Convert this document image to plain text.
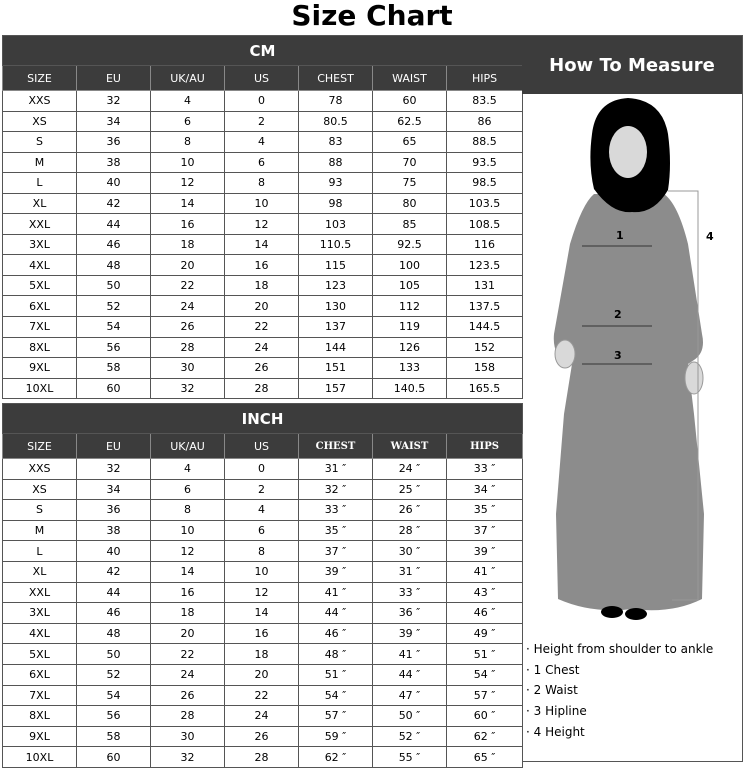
Size Chart
CM						
SIZE	EU	UK/AU	US	CHEST	WAIST	HIPS
XXS	32	4	0	78	60	83.5
XS	34	6	2	80.5	62.5	86
S	36	8	4	83	65	88.5
M	38	10	6	88	70	93.5
L	40	12	8	93	75	98.5
XL	42	14	10	98	80	103.5
XXL	44	16	12	103	85	108.5
3XL	46	18	14	110.5	92.5	116
4XL	48	20	16	115	100	123.5
5XL	50	22	18	123	105	131
6XL	52	24	20	130	112	137.5
7XL	54	26	22	137	119	144.5
8XL	56	28	24	144	126	152
9XL	58	30	26	151	133	158
10XL	60	32	28	157	140.5	165.5
INCH						
SIZE	EU	UK/AU	US	CHEST	WAIST	HIPS
XXS	32	4	0	31 ″	24 ″	33 ″
XS	34	6	2	32 ″	25 ″	34 ″
S	36	8	4	33 ″	26 ″	35 ″
M	38	10	6	35 ″	28 ″	37 ″
L	40	12	8	37 ″	30 ″	39 ″
XL	42	14	10	39 ″	31 ″	41 ″
XXL	44	16	12	41 ″	33 ″	43 ″
3XL	46	18	14	44 ″	36 ″	46 ″
4XL	48	20	16	46 ″	39 ″	49 ″
5XL	50	22	18	48 ″	41 ″	51 ″
6XL	52	24	20	51 ″	44 ″	54 ″
7XL	54	26	22	54 ″	47 ″	57 ″
8XL	56	28	24	57 ″	50 ″	60 ″
9XL	58	30	26	59 ″	52 ″	62 ″
10XL	60	32	28	62 ″	55 ″	65 ″
How To Measure
1
2
3
4
· Height from shoulder to ankle
· 1 Chest
· 2 Waist
· 3 Hipline
· 4 Height
